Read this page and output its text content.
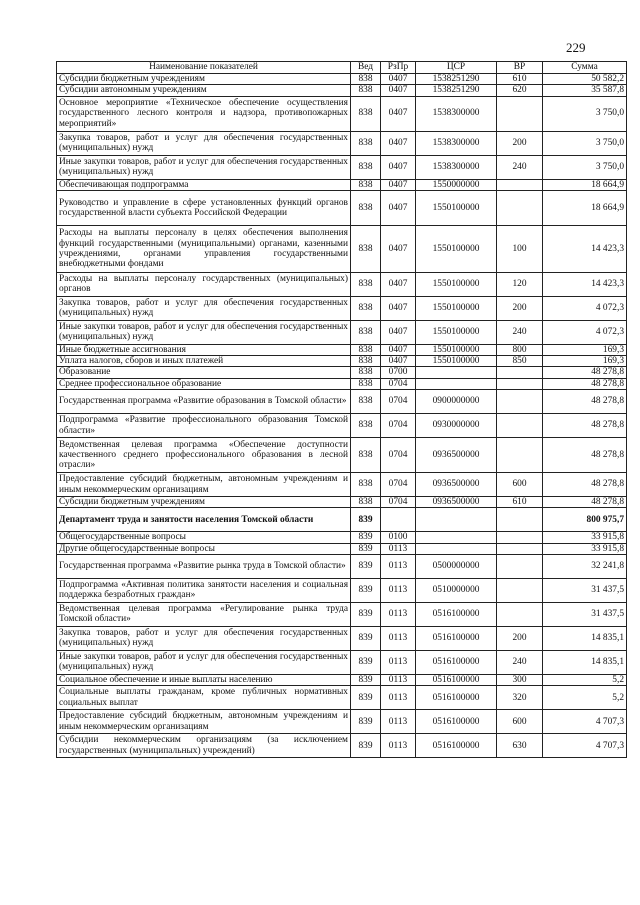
229
Наименование показателей	Вед	РзПр	ЦСР	ВР	Сумма
Субсидии бюджетным учреждениям	838	0407	1538251290	610	50 582,2
Субсидии автономным учреждениям	838	0407	1538251290	620	35 587,8
Основное мероприятие «Техническое обеспечение осуществления государственного лесного контроля и надзора, противопожарных мероприятий»	838	0407	1538300000		3 750,0
Закупка товаров, работ и услуг для обеспечения государственных (муниципальных) нужд	838	0407	1538300000	200	3 750,0
Иные закупки товаров, работ и услуг для обеспечения государственных (муниципальных) нужд	838	0407	1538300000	240	3 750,0
Обеспечивающая подпрограмма	838	0407	1550000000		18 664,9
Руководство и управление в сфере установленных функций органов государственной власти субъекта Российской Федерации	838	0407	1550100000		18 664,9
Расходы на выплаты персоналу в целях обеспечения выполнения функций государственными (муниципальными) органами, казенными учреждениями, органами управления государственными внебюджетными фондами	838	0407	1550100000	100	14 423,3
Расходы на выплаты персоналу государственных (муниципальных) органов	838	0407	1550100000	120	14 423,3
Закупка товаров, работ и услуг для обеспечения государственных (муниципальных) нужд	838	0407	1550100000	200	4 072,3
Иные закупки товаров, работ и услуг для обеспечения государственных (муниципальных) нужд	838	0407	1550100000	240	4 072,3
Иные бюджетные ассигнования	838	0407	1550100000	800	169,3
Уплата налогов, сборов и иных платежей	838	0407	1550100000	850	169,3
Образование	838	0700			48 278,8
Среднее профессиональное образование	838	0704			48 278,8
Государственная программа «Развитие образования в Томской области»	838	0704	0900000000		48 278,8
Подпрограмма «Развитие профессионального образования Томской области»	838	0704	0930000000		48 278,8
Ведомственная целевая программа «Обеспечение доступности качественного среднего профессионального образования в лесной отрасли»	838	0704	0936500000		48 278,8
Предоставление субсидий бюджетным, автономным учреждениям и иным некоммерческим организациям	838	0704	0936500000	600	48 278,8
Субсидии бюджетным учреждениям	838	0704	0936500000	610	48 278,8
Департамент труда и занятости населения Томской области	839				800 975,7
Общегосударственные вопросы	839	0100			33 915,8
Другие общегосударственные вопросы	839	0113			33 915,8
Государственная программа «Развитие рынка труда в Томской области»	839	0113	0500000000		32 241,8
Подпрограмма «Активная политика занятости населения и социальная поддержка безработных граждан»	839	0113	0510000000		31 437,5
Ведомственная целевая программа «Регулирование рынка труда Томской области»	839	0113	0516100000		31 437,5
Закупка товаров, работ и услуг для обеспечения государственных (муниципальных) нужд	839	0113	0516100000	200	14 835,1
Иные закупки товаров, работ и услуг для обеспечения государственных (муниципальных) нужд	839	0113	0516100000	240	14 835,1
Социальное обеспечение и иные выплаты населению	839	0113	0516100000	300	5,2
Социальные выплаты гражданам, кроме публичных нормативных социальных выплат	839	0113	0516100000	320	5,2
Предоставление субсидий бюджетным, автономным учреждениям и иным некоммерческим организациям	839	0113	0516100000	600	4 707,3
Субсидии некоммерческим организациям (за исключением государственных (муниципальных) учреждений)	839	0113	0516100000	630	4 707,3
